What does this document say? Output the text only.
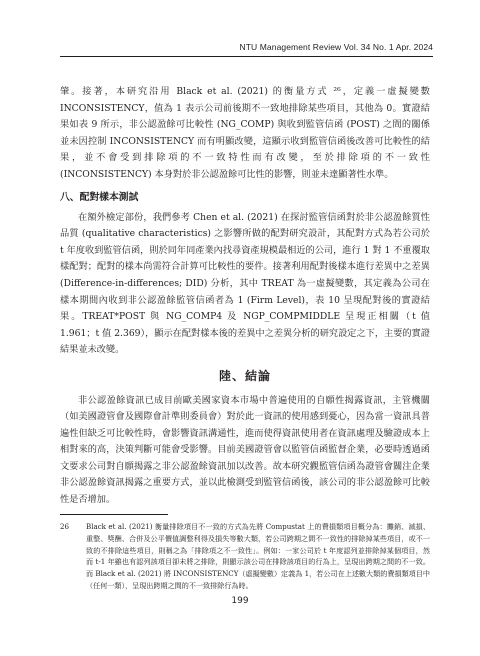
NTU Management Review Vol. 34 No. 1 Apr. 2024

肇。接著，本研究沿用 Black et al. (2021) 的衡量方式 ²⁶，定義一虛擬變數 INCONSISTENCY，值為 1 表示公司前後期不一致地排除某些項目，其他為 0。實證結果如表 9 所示，非公認盈餘可比較性 (NG_COMP) 與收到監管信函 (POST) 之間的關係並未因控制 INCONSISTENCY 而有明顯改變，這顯示收到監管信函後改善可比較性的結果，並不會受到排除項的不一致特性而有改變，至於排除項的不一致性 (INCONSISTENCY) 本身對於非公認盈餘可比性的影響，則並未達顯著性水準。

八、配對樣本測試

在額外檢定部份，我們參考 Chen et al. (2021) 在探討監管信函對於非公認盈餘質性品質 (qualitative characteristics) 之影響所做的配對研究設計，其配對方式為若公司於 t 年度收到監管信函，則於同年同產業內找尋資產規模最相近的公司，進行 1 對 1 不重覆取樣配對；配對的樣本尚需符合計算可比較性的要件。接著利用配對後樣本進行差異中之差異 (Difference-in-differences; DID) 分析，其中 TREAT 為一虛擬變數，其定義為公司在樣本期間內收到非公認盈餘監管信函者為 1 (Firm Level)，表 10 呈現配對後的實證結果。TREAT*POST 與 NG_COMP4 及 NGP_COMPMIDDLE 呈現正相關（t 值 1.961；t 值 2.369），顯示在配對樣本後的差異中之差異分析的研究設定之下，主要的實證結果並未改變。

陸、結論

非公認盈餘資訊已成目前歐美國家資本市場中普遍使用的自願性揭露資訊，主管機關（如美國證管會及國際會計準則委員會）對於此一資訊的使用感到憂心，因為當一資訊具普遍性但缺乏可比較性時，會影響資訊溝通性，進而使得資訊使用者在資訊處理及驗證成本上相對來的高，決策判斷可能會受影響。目前美國證管會以監管信函監督企業，必要時透過函文要求公司對自願揭露之非公認盈餘資訊加以改善。故本研究觀監管信函為證管會關注企業非公認盈餘資訊揭露之重要方式，並以此檢測受到監管信函後，該公司的非公認盈餘可比較性是否增加。

26	Black et al. (2021) 衡量排除項目不一致的方式為先將 Compustat 上的費損類項目概分為：攤銷、減損、重整、獎酬、合併及公平價值調整利得及損失等數大類，若公司跨期之間不一致性的排除掉某些項目，或不一致的不排除這些項目，則稱之為「排除項之不一致性」。例如：一家公司於 t 年度認列並排除掉某個項目，然而 t-1 年雖也有認列該項目卻未將之排除，則顯示該公司在排除該項目的行為上，呈現出跨期之間的不一致。而 Black et al. (2021) 將 INCONSISTENCY（虛擬變數）定義為 1，若公司在上述數大類的費損類項目中（任何一類），呈現出跨期之間的不一致排除行為時。
199
